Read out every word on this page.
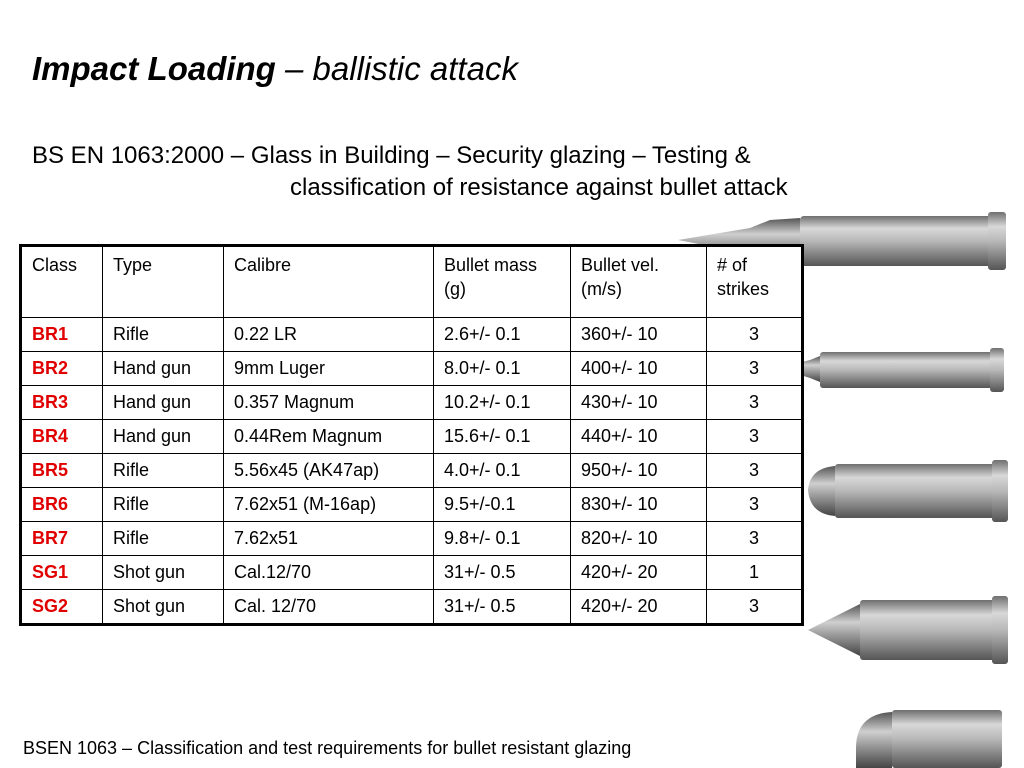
Impact Loading – ballistic attack
BS EN 1063:2000 – Glass in Building – Security glazing – Testing &
classification of resistance against bullet attack
Class	Type	Calibre	Bullet mass (g)	Bullet vel. (m/s)	# of strikes
BR1	Rifle	0.22 LR	2.6+/- 0.1	360+/- 10	3
BR2	Hand gun	9mm Luger	8.0+/- 0.1	400+/- 10	3
BR3	Hand gun	0.357 Magnum	10.2+/- 0.1	430+/- 10	3
BR4	Hand gun	0.44Rem Magnum	15.6+/- 0.1	440+/- 10	3
BR5	Rifle	5.56x45 (AK47ap)	4.0+/- 0.1	950+/- 10	3
BR6	Rifle	7.62x51 (M-16ap)	9.5+/-0.1	830+/- 10	3
BR7	Rifle	7.62x51	9.8+/- 0.1	820+/- 10	3
SG1	Shot gun	Cal.12/70	31+/- 0.5	420+/- 20	1
SG2	Shot gun	Cal. 12/70	31+/- 0.5	420+/- 20	3
BSEN 1063 – Classification and test requirements for bullet resistant glazing
